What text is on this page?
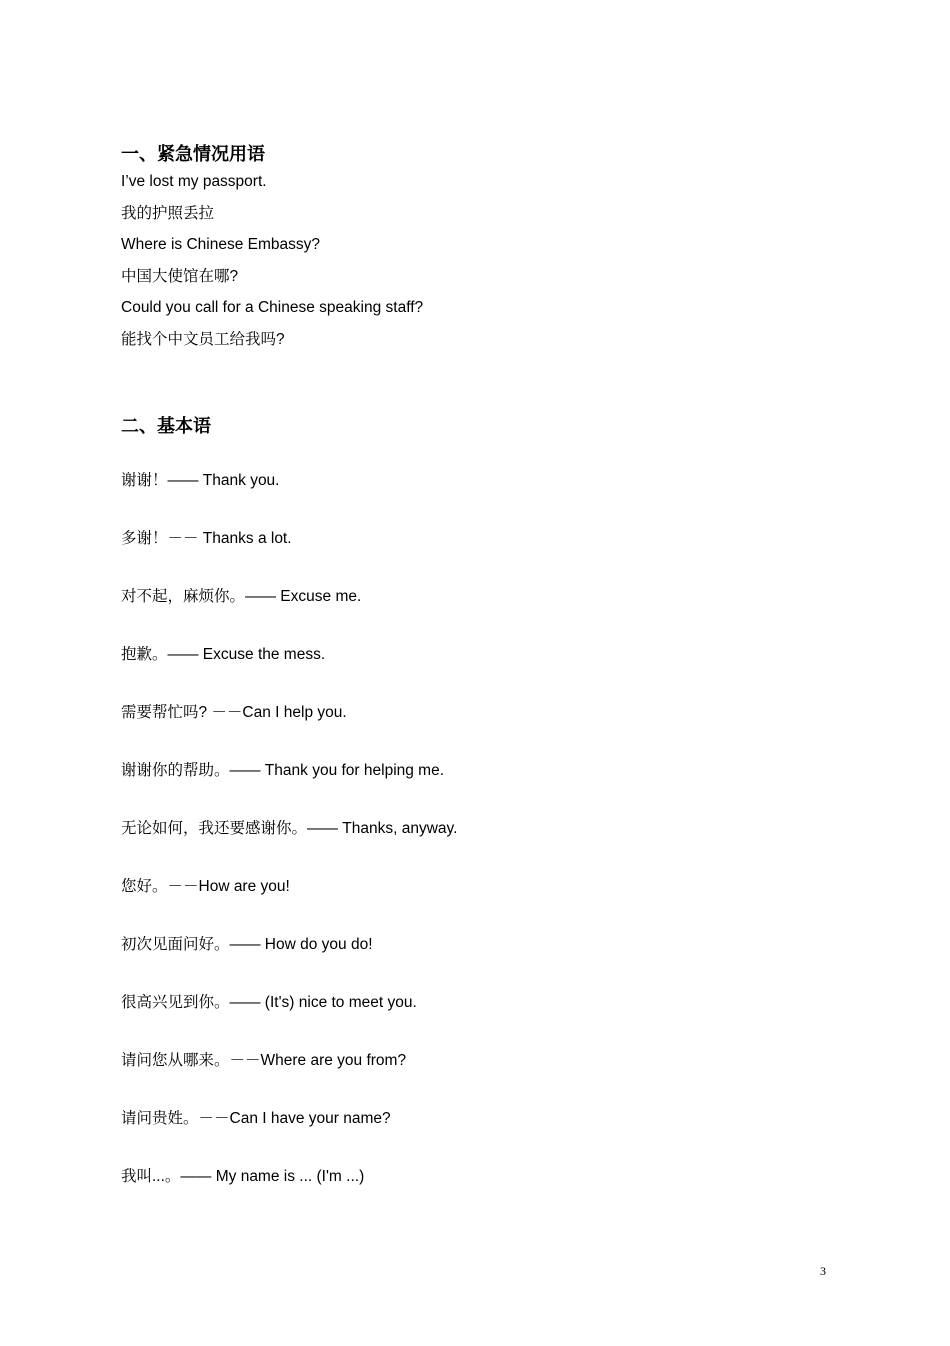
一、紧急情况用语
I’ve lost my passport.
我的护照丢拉
Where is Chinese Embassy?
中国大使馆在哪?
Could you call for a Chinese speaking staff?
能找个中文员工给我吗?
二、基本语
谢谢！—— Thank you.
多谢！－－ Thanks a lot.
对不起，麻烦你。—— Excuse me.
抱歉。—— Excuse the mess.
需要帮忙吗? －－Can I help you.
谢谢你的帮助。—— Thank you for helping me.
无论如何，我还要感谢你。—— Thanks, anyway.
您好。－－How are you!
初次见面问好。—— How do you do!
很高兴见到你。—— (It's) nice to meet you.
请问您从哪来。－－Where are you from?
请问贵姓。－－Can I have your name?
我叫...。—— My name is ... (I'm ...)
3
